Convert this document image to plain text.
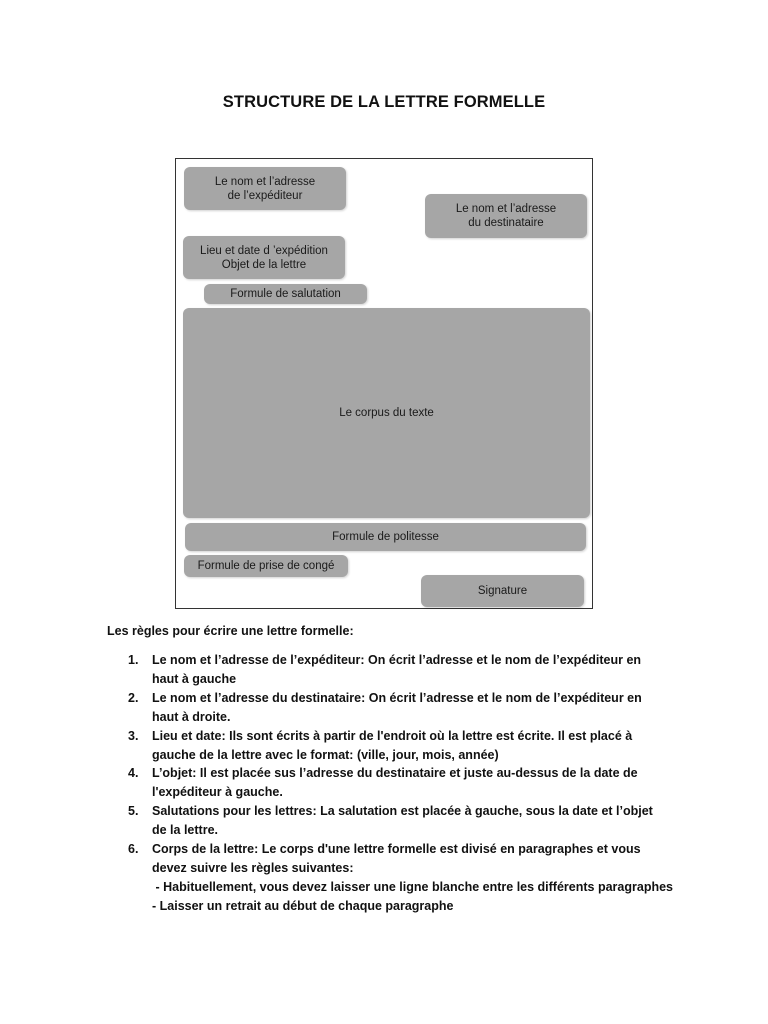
STRUCTURE DE LA LETTRE FORMELLE
Le nom et l’adresse
de l’expéditeur
Le nom et l’adresse
du destinataire
Lieu et date d ’expédition
Objet de la lettre
Formule de salutation
Le corpus du texte
Formule de politesse
Formule de prise de congé
Signature
Les règles pour écrire une lettre formelle:
1. Le nom et l’adresse de l’expéditeur: On écrit l’adresse et le nom de l’expéditeur en haut à gauche
2. Le nom et l’adresse du destinataire: On écrit l’adresse et le nom de l’expéditeur en haut à droite.
3. Lieu et date: Ils sont écrits à partir de l'endroit où la lettre est écrite. Il est placé à gauche de la lettre avec le format: (ville, jour, mois, année)
4. L’objet: Il est placée sus l’adresse du destinataire et juste au-dessus de la date de l'expéditeur à gauche.
5. Salutations pour les lettres: La salutation est placée à gauche, sous la date et l’objet de la lettre.
6. Corps de la lettre: Le corps d'une lettre formelle est divisé en paragraphes et vous devez suivre les règles suivantes:
- Habituellement, vous devez laisser une ligne blanche entre les différents paragraphes
- Laisser un retrait au début de chaque paragraphe
